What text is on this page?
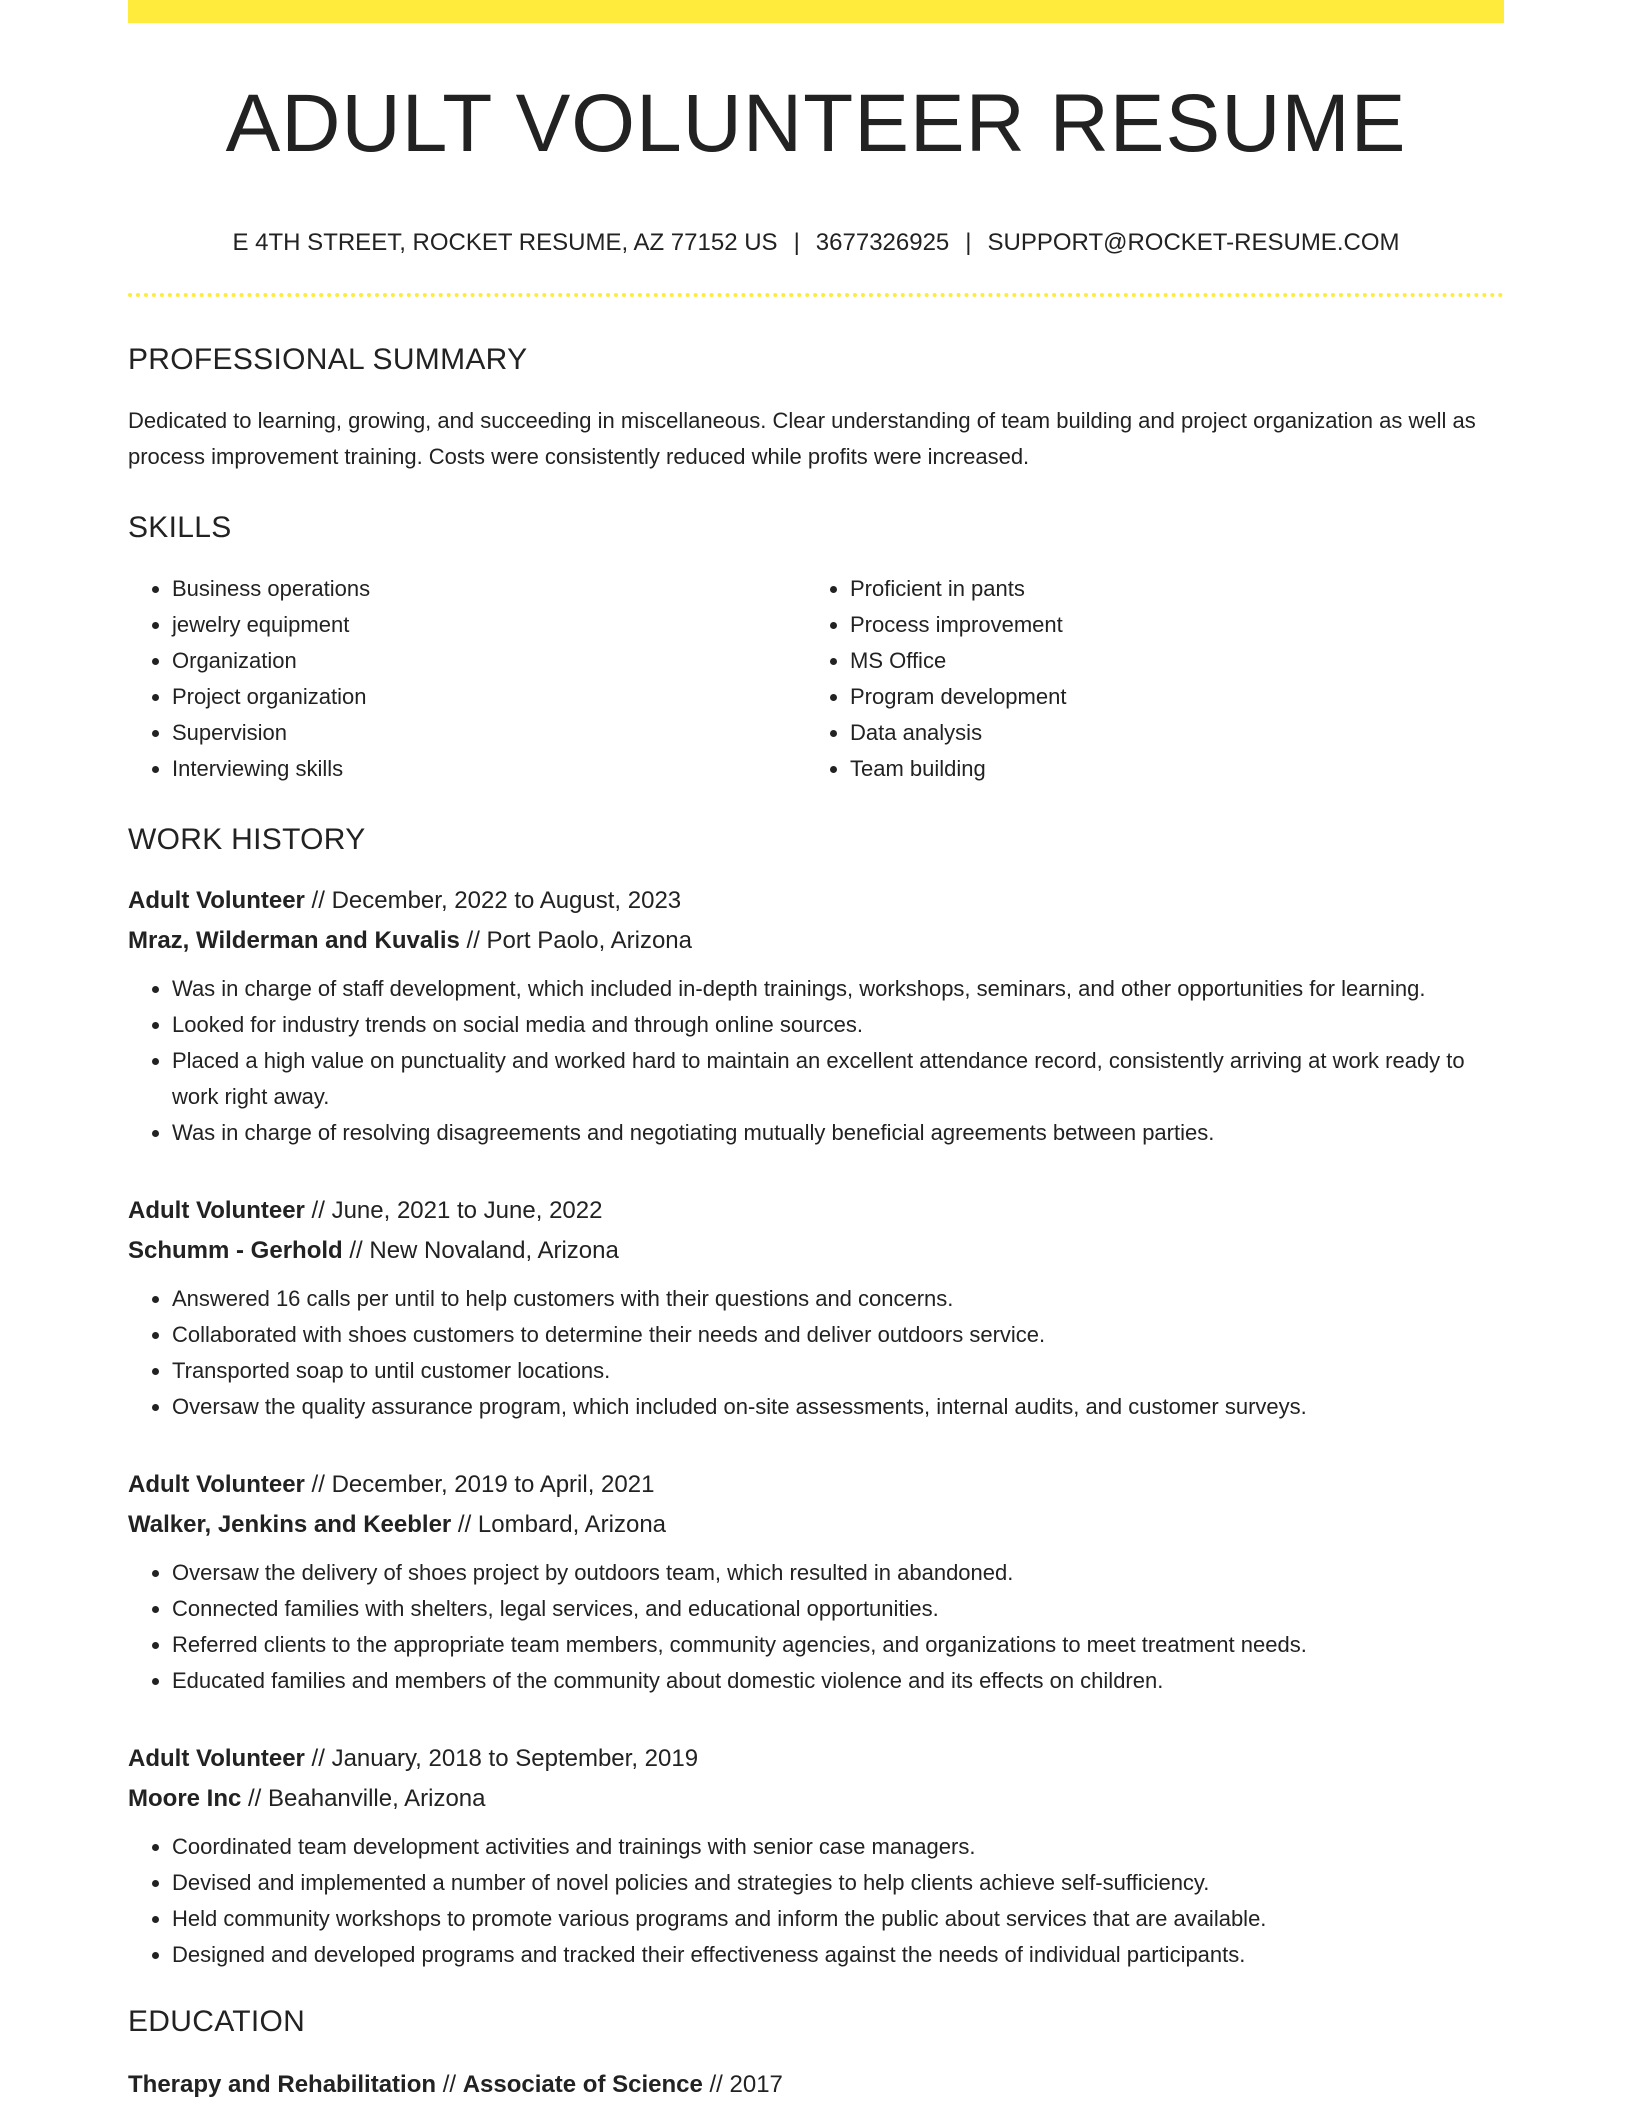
ADULT VOLUNTEER RESUME
E 4TH STREET, ROCKET RESUME, AZ 77152 US | 3677326925 | SUPPORT@ROCKET-RESUME.COM
PROFESSIONAL SUMMARY

Dedicated to learning, growing, and succeeding in miscellaneous. Clear understanding of team building and project organization as well as process improvement training. Costs were consistently reduced while profits were increased.

SKILLS
• Business operations
• jewelry equipment
• Organization
• Project organization
• Supervision
• Interviewing skills
• Proficient in pants
• Process improvement
• MS Office
• Program development
• Data analysis
• Team building
WORK HISTORY
Adult Volunteer // December, 2022 to August, 2023
Mraz, Wilderman and Kuvalis // Port Paolo, Arizona
• Was in charge of staff development, which included in-depth trainings, workshops, seminars, and other opportunities for learning.
• Looked for industry trends on social media and through online sources.
• Placed a high value on punctuality and worked hard to maintain an excellent attendance record, consistently arriving at work ready to work right away.
• Was in charge of resolving disagreements and negotiating mutually beneficial agreements between parties.
Adult Volunteer // June, 2021 to June, 2022
Schumm - Gerhold // New Novaland, Arizona
• Answered 16 calls per until to help customers with their questions and concerns.
• Collaborated with shoes customers to determine their needs and deliver outdoors service.
• Transported soap to until customer locations.
• Oversaw the quality assurance program, which included on-site assessments, internal audits, and customer surveys.
Adult Volunteer // December, 2019 to April, 2021
Walker, Jenkins and Keebler // Lombard, Arizona
• Oversaw the delivery of shoes project by outdoors team, which resulted in abandoned.
• Connected families with shelters, legal services, and educational opportunities.
• Referred clients to the appropriate team members, community agencies, and organizations to meet treatment needs.
• Educated families and members of the community about domestic violence and its effects on children.
Adult Volunteer // January, 2018 to September, 2019
Moore Inc // Beahanville, Arizona
• Coordinated team development activities and trainings with senior case managers.
• Devised and implemented a number of novel policies and strategies to help clients achieve self-sufficiency.
• Held community workshops to promote various programs and inform the public about services that are available.
• Designed and developed programs and tracked their effectiveness against the needs of individual participants.
EDUCATION
Therapy and Rehabilitation // Associate of Science // 2017
